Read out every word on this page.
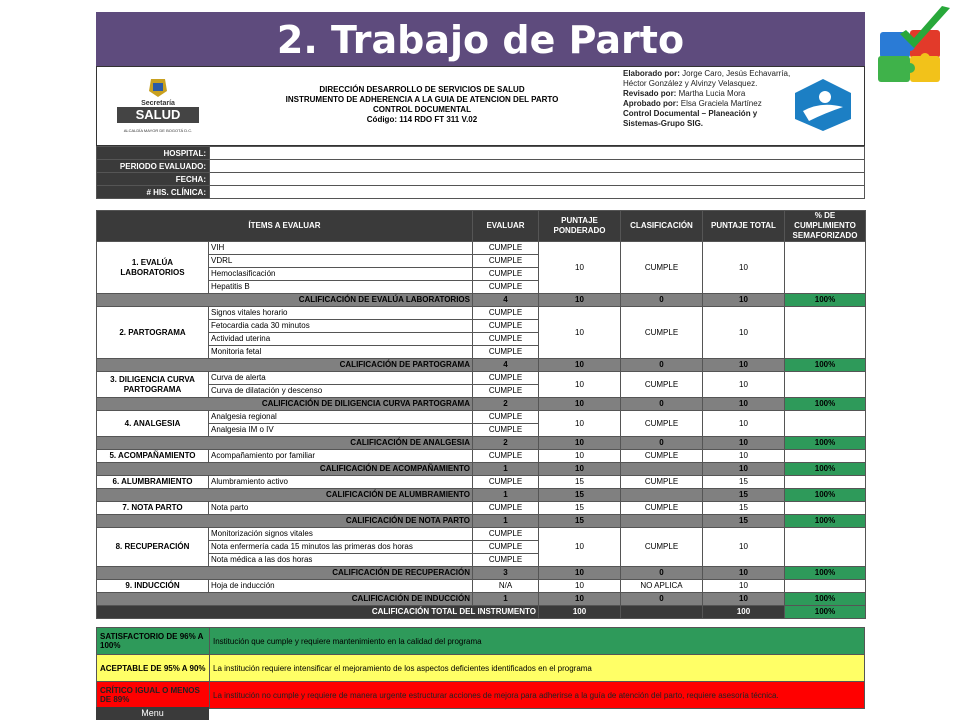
2. Trabajo de Parto
Secretaría
SALUD
ALCALDÍA MAYOR DE BOGOTÁ D.C.
DIRECCIÓN DESARROLLO DE SERVICIOS DE SALUD
INSTRUMENTO DE ADHERENCIA A LA GUIA DE ATENCION DEL PARTO
CONTROL DOCUMENTAL
Código: 114 RDO FT 311 V.02
Elaborado por: Jorge Caro, Jesús Echavarría, Héctor González y Alvinzy Velasquez.
Revisado por: Martha Lucia Mora
Aprobado por: Elsa Graciela Martínez
Control Documental – Planeación y Sistemas-Grupo SIG.
HOSPITAL:	
PERIODO EVALUADO:	
FECHA:	
# HIS. CLÍNICA:	
ÍTEMS A EVALUAR		EVALUAR	PUNTAJE PONDERADO	CLASIFICACIÓN	PUNTAJE TOTAL	% DE CUMPLIMIENTO SEMAFORIZADO
1. EVALÚA LABORATORIOS	VIH	CUMPLE	10	CUMPLE	10	
	VDRL	CUMPLE				
	Hemoclasificación	CUMPLE				
	Hepatitis B	CUMPLE				
CALIFICACIÓN DE EVALÚA LABORATORIOS		4	10	0	10	100%
2. PARTOGRAMA	Signos vitales horario	CUMPLE	10	CUMPLE	10	
	Fetocardia cada 30 minutos	CUMPLE				
	Actividad uterina	CUMPLE				
	Monitoria fetal	CUMPLE				
CALIFICACIÓN DE PARTOGRAMA		4	10	0	10	100%
3. DILIGENCIA CURVA PARTOGRAMA	Curva de alerta	CUMPLE	10	CUMPLE	10	
	Curva de dilatación y descenso	CUMPLE				
CALIFICACIÓN DE DILIGENCIA CURVA PARTOGRAMA		2	10	0	10	100%
4. ANALGESIA	Analgesia regional	CUMPLE	10	CUMPLE	10	
	Analgesia IM o IV	CUMPLE				
CALIFICACIÓN DE ANALGESIA		2	10	0	10	100%
5. ACOMPAÑAMIENTO	Acompañamiento por familiar	CUMPLE	10	CUMPLE	10	
CALIFICACIÓN DE ACOMPAÑAMIENTO		1	10		10	100%
6. ALUMBRAMIENTO	Alumbramiento activo	CUMPLE	15	CUMPLE	15	
CALIFICACIÓN DE ALUMBRAMIENTO		1	15		15	100%
7. NOTA PARTO	Nota parto	CUMPLE	15	CUMPLE	15	
CALIFICACIÓN DE NOTA PARTO		1	15		15	100%
8. RECUPERACIÓN	Monitorización signos vitales	CUMPLE	10	CUMPLE	10	
	Nota enfermería cada 15 minutos las primeras dos horas	CUMPLE				
	Nota médica a las dos horas	CUMPLE				
CALIFICACIÓN DE RECUPERACIÓN		3	10	0	10	100%
9. INDUCCIÓN	Hoja de inducción	N/A	10	NO APLICA	10	
CALIFICACIÓN DE INDUCCIÓN		1	10	0	10	100%
CALIFICACIÓN TOTAL DEL INSTRUMENTO			100		100	100%
SATISFACTORIO DE 96% A 100%	Institución que cumple y requiere mantenimiento en la calidad del programa
ACEPTABLE DE 95% A 90%	La institución requiere intensificar el mejoramiento de los aspectos deficientes identificados en el programa
CRÍTICO IGUAL O MENOS DE 89%	La institución no cumple y requiere de manera urgente estructurar acciones de mejora para adherirse a la guía de atención del parto, requiere asesoría técnica.
Menu
